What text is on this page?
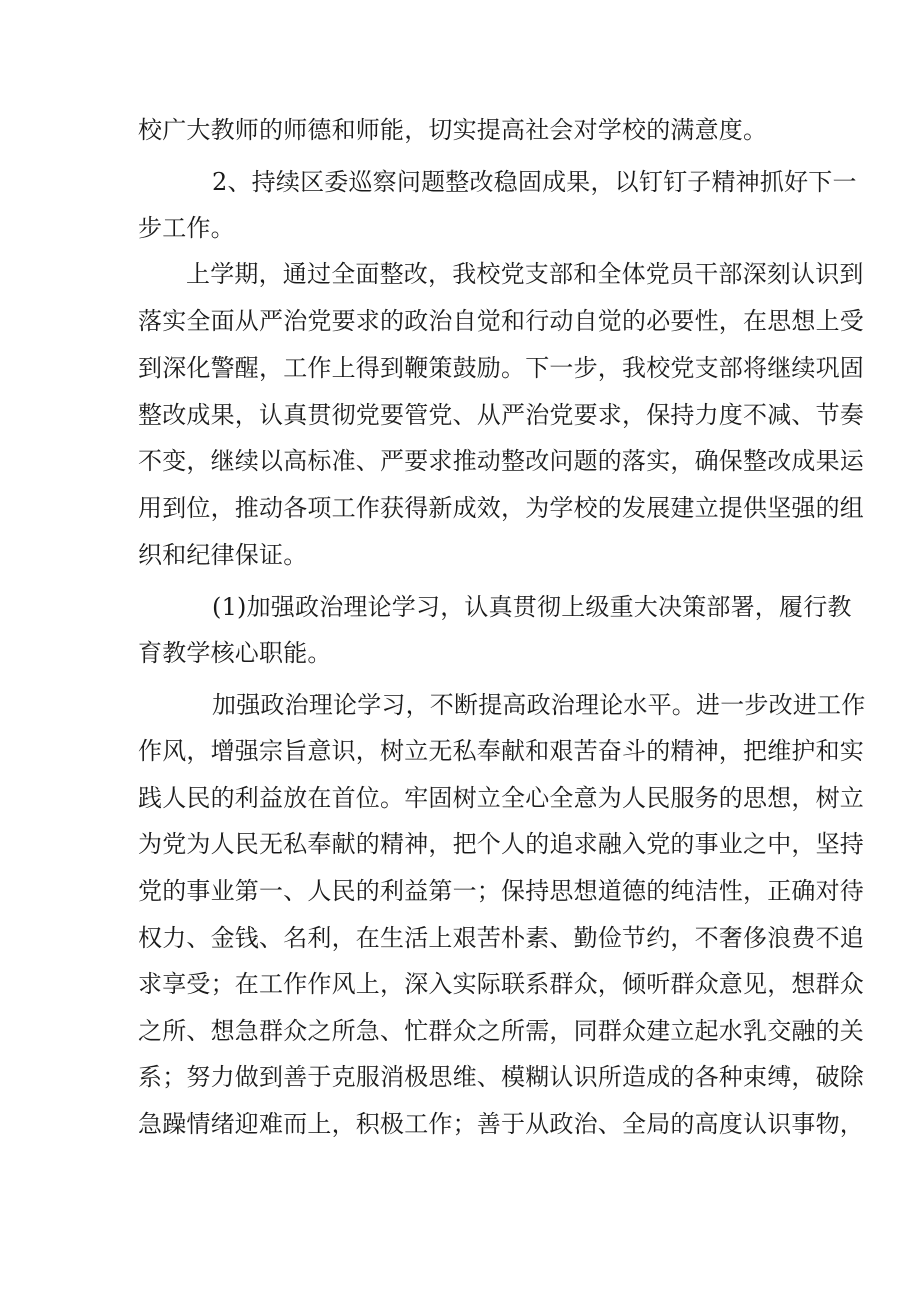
校广大教师的师德和师能，切实提高社会对学校的满意度。
2、持续区委巡察问题整改稳固成果，以钉钉子精神抓好下一
步工作。
上学期，通过全面整改，我校党支部和全体党员干部深刻认识到
落实全面从严治党要求的政治自觉和行动自觉的必要性，在思想上受
到深化警醒，工作上得到鞭策鼓励。下一步，我校党支部将继续巩固
整改成果，认真贯彻党要管党、从严治党要求，保持力度不减、节奏
不变，继续以高标准、严要求推动整改问题的落实，确保整改成果运
用到位，推动各项工作获得新成效，为学校的发展建立提供坚强的组
织和纪律保证。
(1)加强政治理论学习，认真贯彻上级重大决策部署，履行教
育教学核心职能。
加强政治理论学习，不断提高政治理论水平。进一步改进工作
作风，增强宗旨意识，树立无私奉献和艰苦奋斗的精神，把维护和实
践人民的利益放在首位。牢固树立全心全意为人民服务的思想，树立
为党为人民无私奉献的精神，把个人的追求融入党的事业之中，坚持
党的事业第一、人民的利益第一；保持思想道德的纯洁性，正确对待
权力、金钱、名利，在生活上艰苦朴素、勤俭节约，不奢侈浪费不追
求享受；在工作作风上，深入实际联系群众，倾听群众意见，想群众
之所、想急群众之所急、忙群众之所需，同群众建立起水乳交融的关
系；努力做到善于克服消极思维、模糊认识所造成的各种束缚，破除
急躁情绪迎难而上，积极工作；善于从政治、全局的高度认识事物，
